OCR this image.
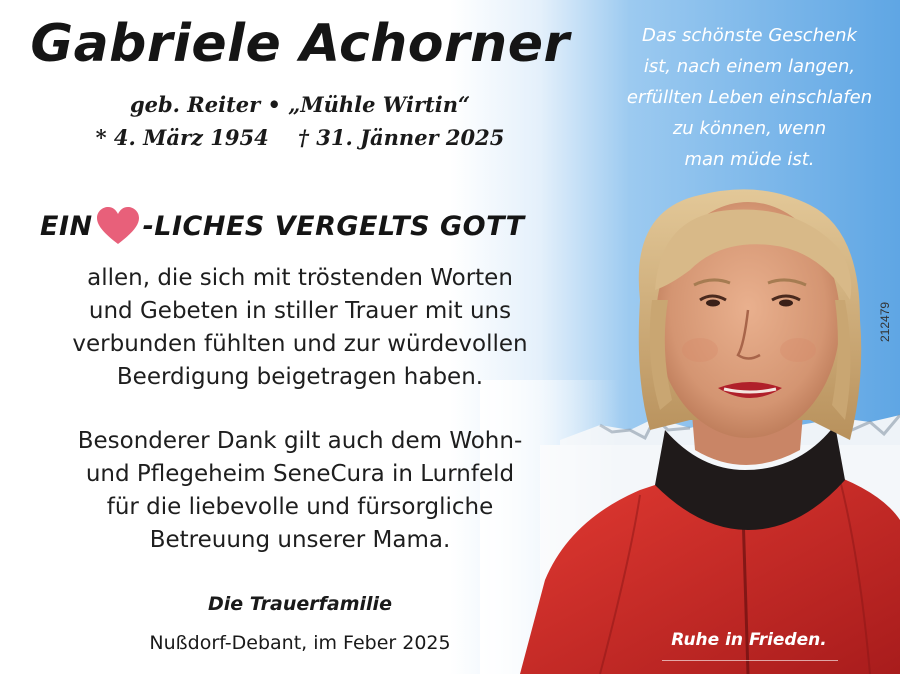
Gabriele Achorner
geb. Reiter • „Mühle Wirtin“
* 4. März 1954    † 31. Jänner 2025
EIN -LICHES VERGELTS GOTT
allen, die sich mit tröstenden Worten
und Gebeten in stiller Trauer mit uns
verbunden fühlten und zur würdevollen
Beerdigung beigetragen haben.
Besonderer Dank gilt auch dem Wohn-
und Pflegeheim SeneCura in Lurnfeld
für die liebevolle und fürsorgliche
Betreuung unserer Mama.
Die Trauerfamilie
Nußdorf-Debant, im Feber 2025
Das schönste Geschenk
ist, nach einem langen,
erfüllten Leben einschlafen
zu können, wenn
man müde ist.
212479
Ruhe in Frieden.
